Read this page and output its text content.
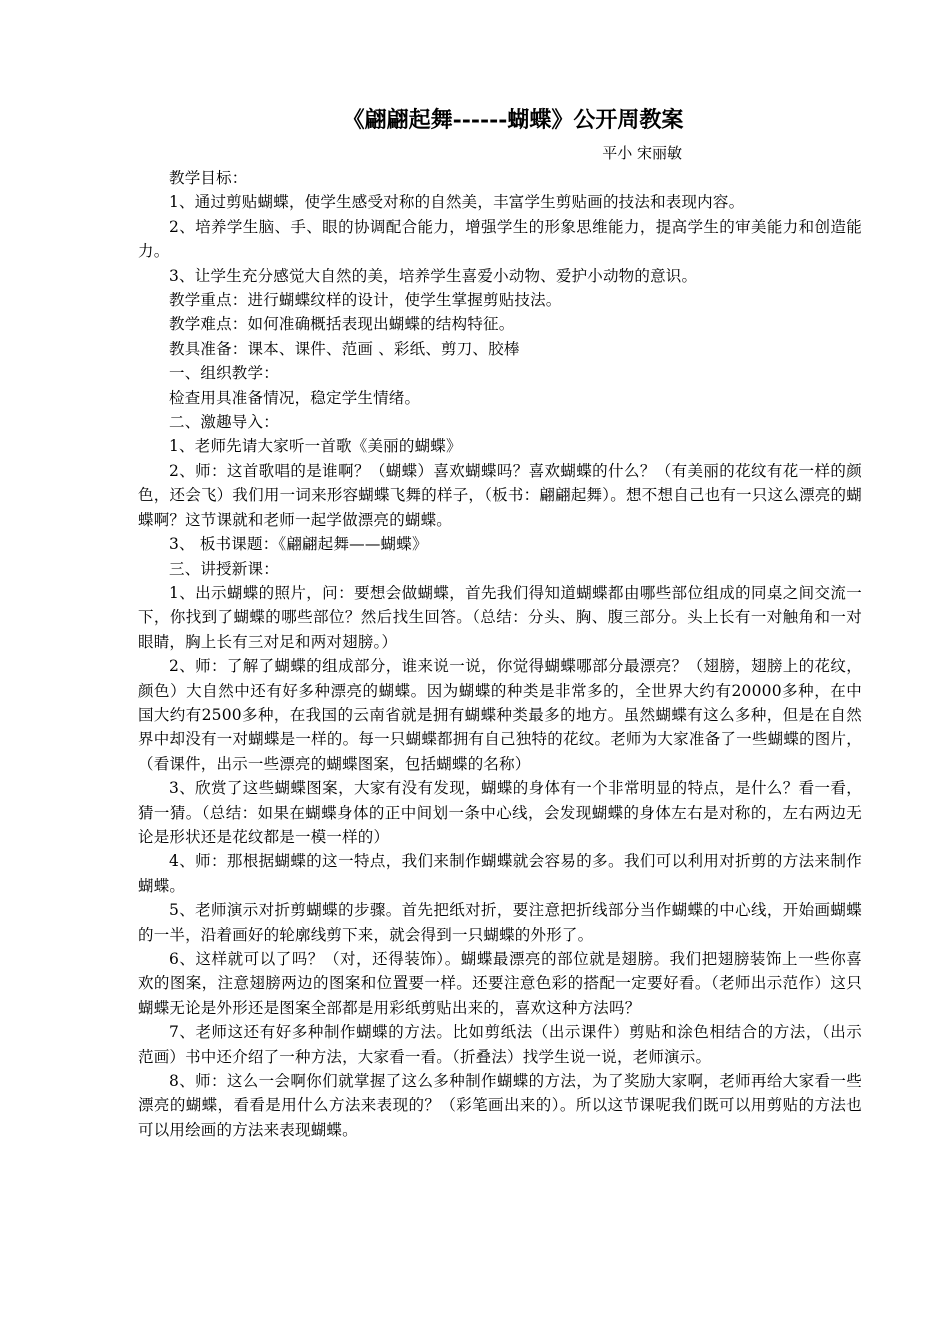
《翩翩起舞------蝴蝶》公开周教案

平小 宋丽敏

教学目标：

1、通过剪贴蝴蝶，使学生感受对称的自然美，丰富学生剪贴画的技法和表现内容。

2、培养学生脑、手、眼的协调配合能力，增强学生的形象思维能力，提高学生的审美能力和创造能力。

3、让学生充分感觉大自然的美，培养学生喜爱小动物、爱护小动物的意识。

教学重点：进行蝴蝶纹样的设计，使学生掌握剪贴技法。

教学难点：如何准确概括表现出蝴蝶的结构特征。

教具准备：课本、课件、范画 、彩纸、剪刀、胶棒

一、组织教学：

检查用具准备情况，稳定学生情绪。

二、激趣导入：

1、老师先请大家听一首歌《美丽的蝴蝶》

2、师：这首歌唱的是谁啊？（蝴蝶）喜欢蝴蝶吗？喜欢蝴蝶的什么？（有美丽的花纹有花一样的颜色，还会飞）我们用一词来形容蝴蝶飞舞的样子，（板书：翩翩起舞）。想不想自己也有一只这么漂亮的蝴蝶啊？这节课就和老师一起学做漂亮的蝴蝶。

3、 板书课题：《翩翩起舞——蝴蝶》

三、讲授新课：

1、出示蝴蝶的照片，问：要想会做蝴蝶，首先我们得知道蝴蝶都由哪些部位组成的同桌之间交流一下，你找到了蝴蝶的哪些部位？然后找生回答。（总结：分头、胸、腹三部分。头上长有一对触角和一对眼睛，胸上长有三对足和两对翅膀。）

2、师：了解了蝴蝶的组成部分，谁来说一说，你觉得蝴蝶哪部分最漂亮？（翅膀，翅膀上的花纹，颜色）大自然中还有好多种漂亮的蝴蝶。因为蝴蝶的种类是非常多的，全世界大约有20000多种，在中国大约有2500多种，在我国的云南省就是拥有蝴蝶种类最多的地方。虽然蝴蝶有这么多种，但是在自然界中却没有一对蝴蝶是一样的。每一只蝴蝶都拥有自己独特的花纹。老师为大家准备了一些蝴蝶的图片，（看课件，出示一些漂亮的蝴蝶图案，包括蝴蝶的名称）

3、欣赏了这些蝴蝶图案，大家有没有发现，蝴蝶的身体有一个非常明显的特点，是什么？看一看，猜一猜。（总结：如果在蝴蝶身体的正中间划一条中心线，会发现蝴蝶的身体左右是对称的，左右两边无论是形状还是花纹都是一模一样的）

4、师：那根据蝴蝶的这一特点，我们来制作蝴蝶就会容易的多。我们可以利用对折剪的方法来制作蝴蝶。

5、老师演示对折剪蝴蝶的步骤。首先把纸对折，要注意把折线部分当作蝴蝶的中心线，开始画蝴蝶的一半，沿着画好的轮廓线剪下来，就会得到一只蝴蝶的外形了。

6、这样就可以了吗？（对，还得装饰）。蝴蝶最漂亮的部位就是翅膀。我们把翅膀装饰上一些你喜欢的图案，注意翅膀两边的图案和位置要一样。还要注意色彩的搭配一定要好看。（老师出示范作）这只蝴蝶无论是外形还是图案全部都是用彩纸剪贴出来的，喜欢这种方法吗？

7、老师这还有好多种制作蝴蝶的方法。比如剪纸法（出示课件）剪贴和涂色相结合的方法，（出示范画）书中还介绍了一种方法，大家看一看。（折叠法）找学生说一说，老师演示。

8、师：这么一会啊你们就掌握了这么多种制作蝴蝶的方法，为了奖励大家啊，老师再给大家看一些漂亮的蝴蝶，看看是用什么方法来表现的？（彩笔画出来的）。所以这节课呢我们既可以用剪贴的方法也可以用绘画的方法来表现蝴蝶。
